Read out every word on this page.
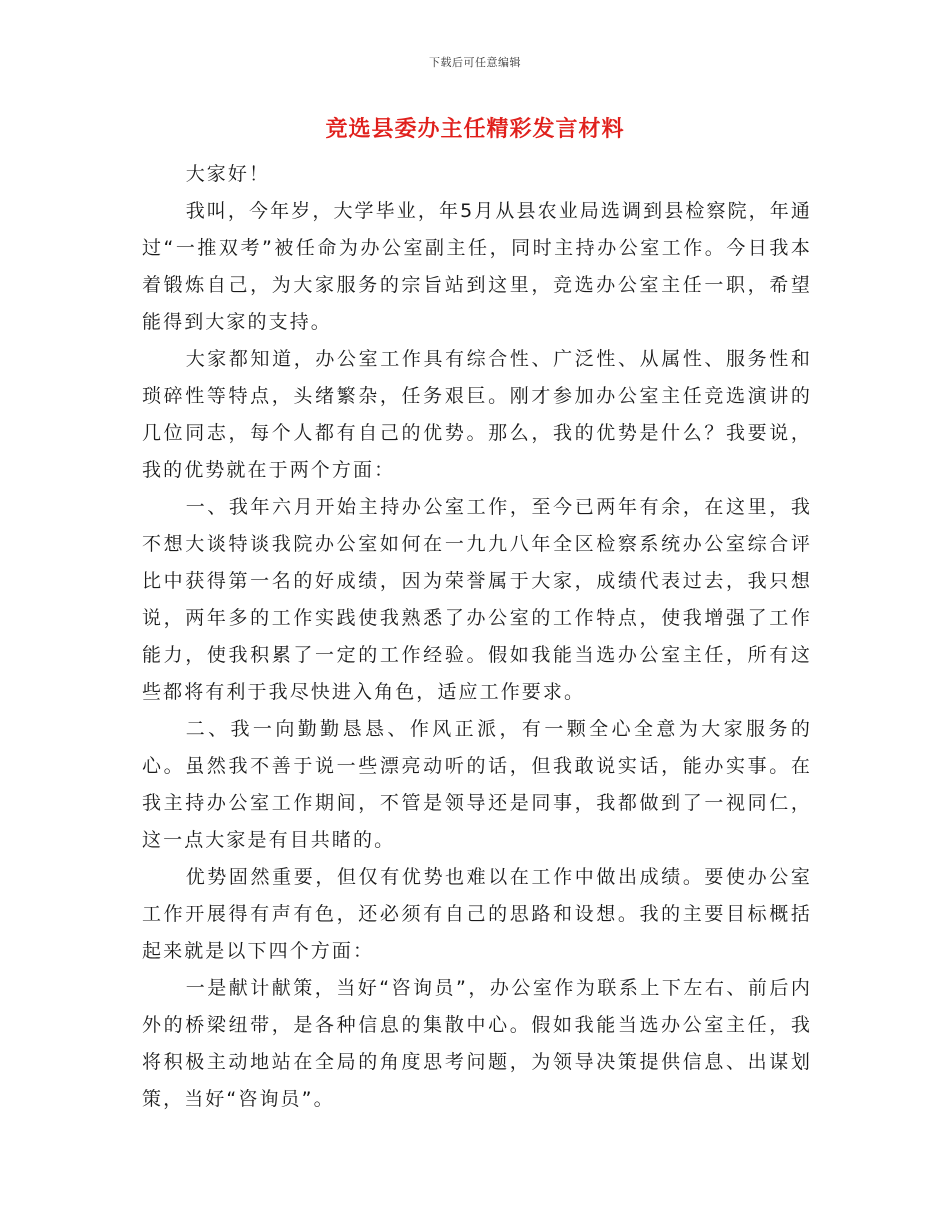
下载后可任意编辑
竞选县委办主任精彩发言材料

大家好！

我叫，今年岁，大学毕业，年5月从县农业局选调到县检察院，年通过“一推双考”被任命为办公室副主任，同时主持办公室工作。今日我本着锻炼自己，为大家服务的宗旨站到这里，竞选办公室主任一职，希望能得到大家的支持。

大家都知道，办公室工作具有综合性、广泛性、从属性、服务性和琐碎性等特点，头绪繁杂，任务艰巨。刚才参加办公室主任竞选演讲的几位同志，每个人都有自己的优势。那么，我的优势是什么？我要说，我的优势就在于两个方面：

一、我年六月开始主持办公室工作，至今已两年有余，在这里，我不想大谈特谈我院办公室如何在一九九八年全区检察系统办公室综合评比中获得第一名的好成绩，因为荣誉属于大家，成绩代表过去，我只想说，两年多的工作实践使我熟悉了办公室的工作特点，使我增强了工作能力，使我积累了一定的工作经验。假如我能当选办公室主任，所有这些都将有利于我尽快进入角色，适应工作要求。

二、我一向勤勤恳恳、作风正派，有一颗全心全意为大家服务的心。虽然我不善于说一些漂亮动听的话，但我敢说实话，能办实事。在我主持办公室工作期间，不管是领导还是同事，我都做到了一视同仁，这一点大家是有目共睹的。

优势固然重要，但仅有优势也难以在工作中做出成绩。要使办公室工作开展得有声有色，还必须有自己的思路和设想。我的主要目标概括起来就是以下四个方面：

一是献计献策，当好“咨询员”，办公室作为联系上下左右、前后内外的桥梁纽带，是各种信息的集散中心。假如我能当选办公室主任，我将积极主动地站在全局的角度思考问题，为领导决策提供信息、出谋划策，当好“咨询员”。
